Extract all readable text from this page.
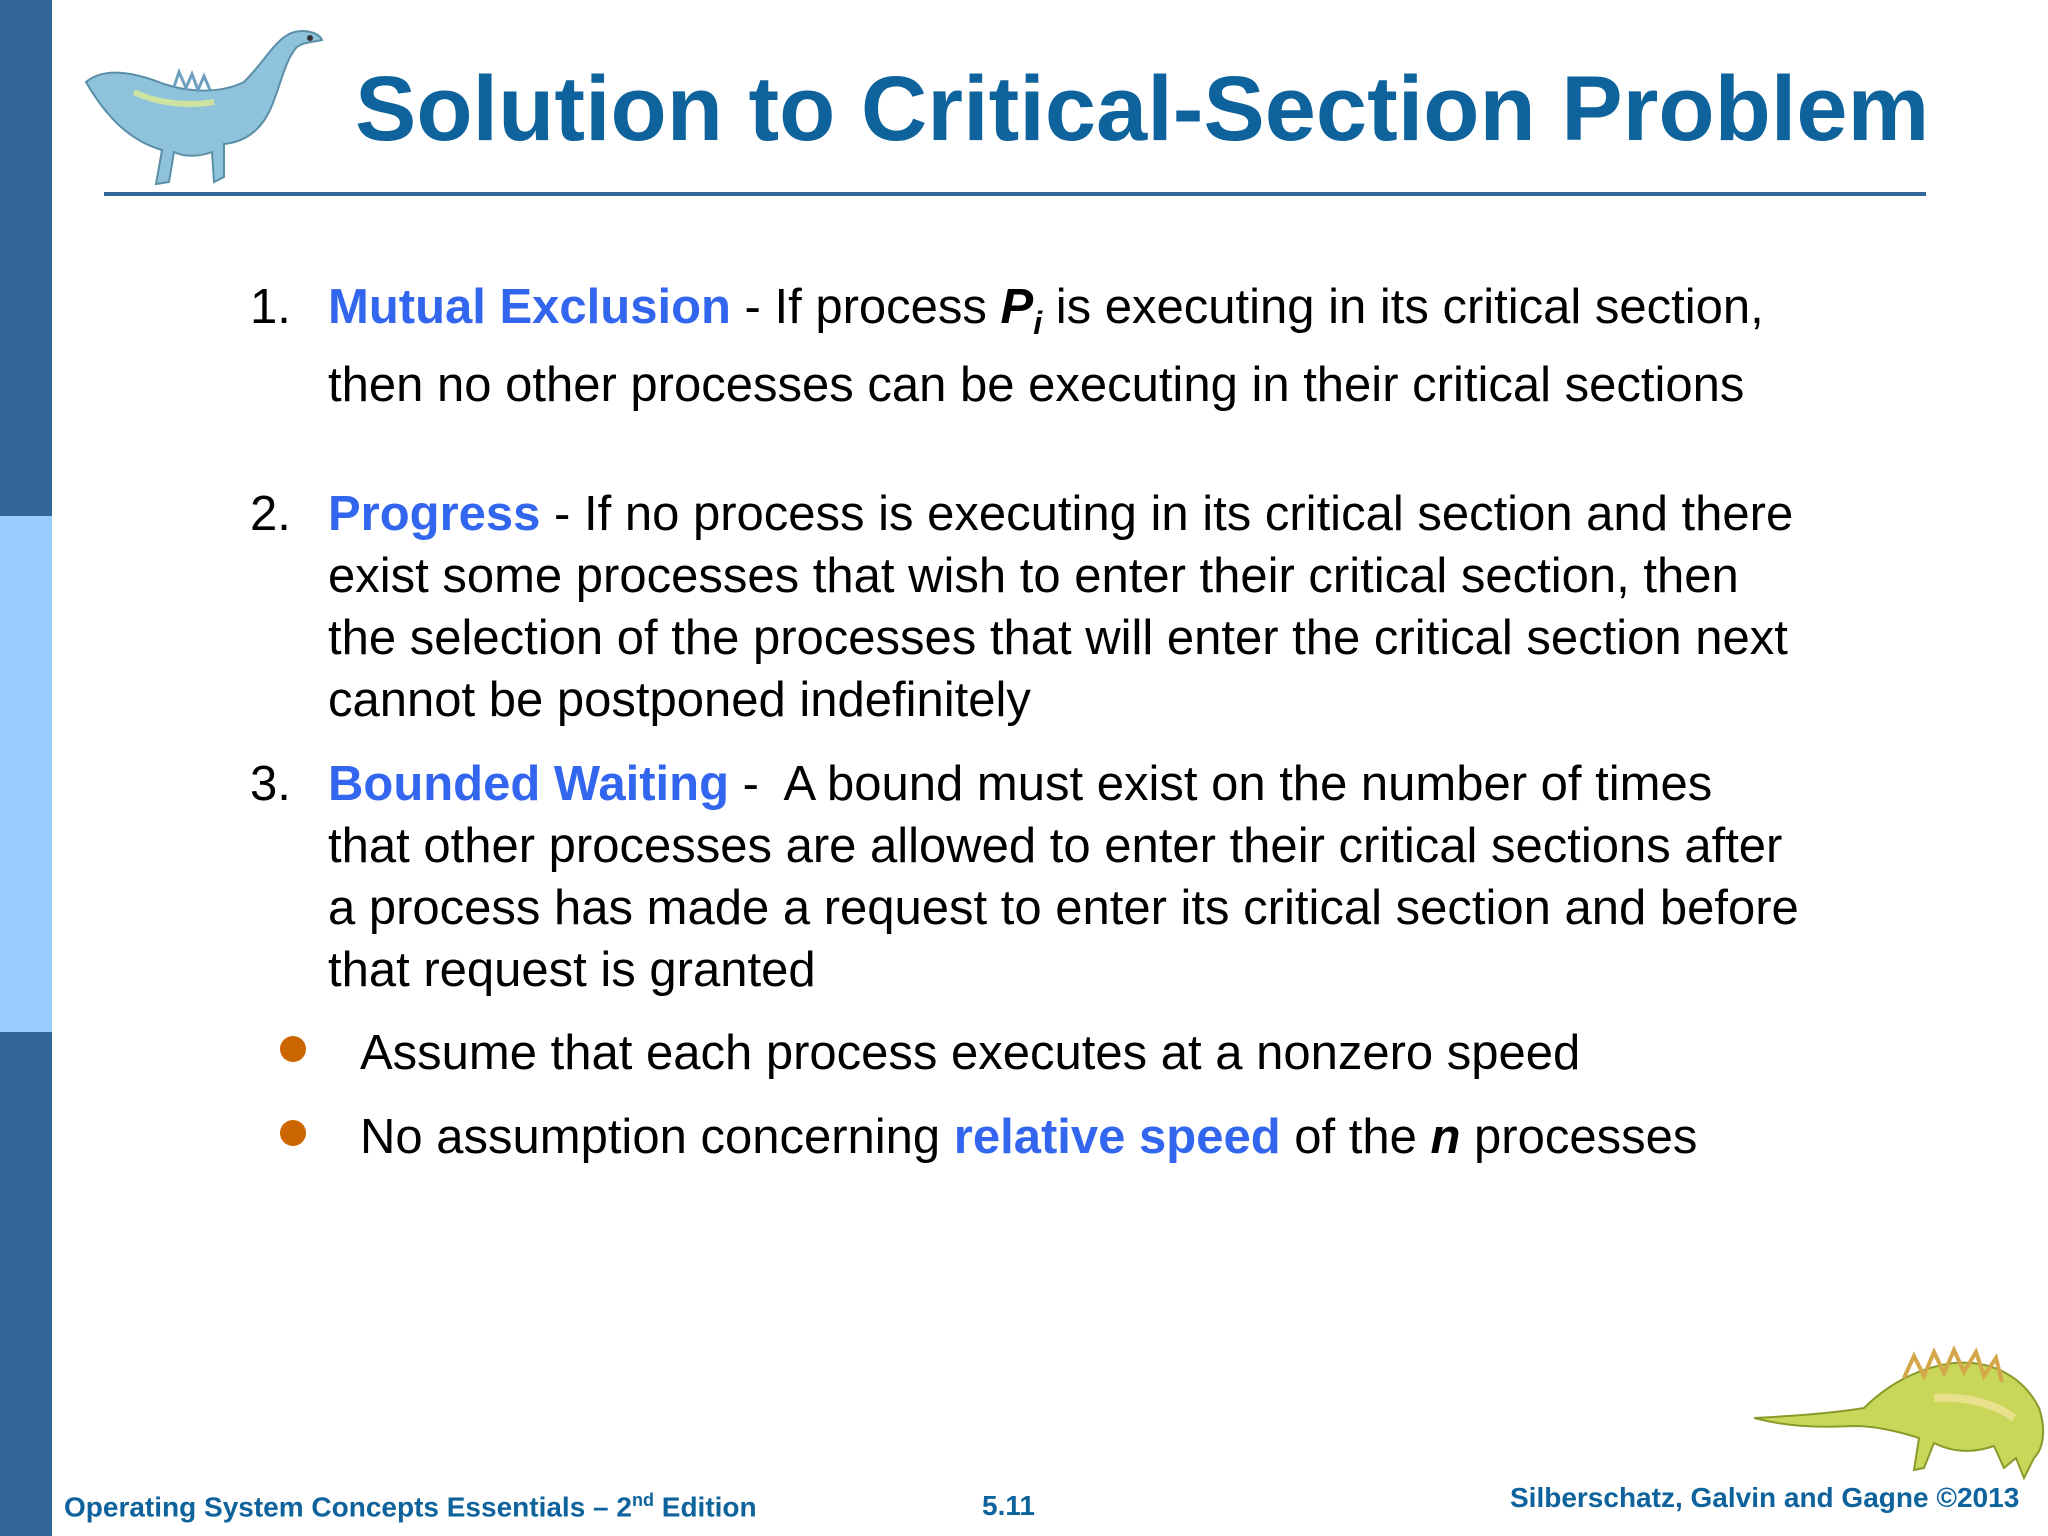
Solution to Critical-Section Problem
1. Mutual Exclusion - If process $P_i$ is executing in its critical section, then no other processes can be executing in their critical sections
2. Progress - If no process is executing in its critical section and there exist some processes that wish to enter their critical section, then the selection of the processes that will enter the critical section next cannot be postponed indefinitely
3. Bounded Waiting -  A bound must exist on the number of times that other processes are allowed to enter their critical sections after a process has made a request to enter its critical section and before that request is granted
Assume that each process executes at a nonzero speed
No assumption concerning relative speed of the n processes
Operating System Concepts Essentials – 2nd Edition	5.11	Silberschatz, Galvin and Gagne ©2013
